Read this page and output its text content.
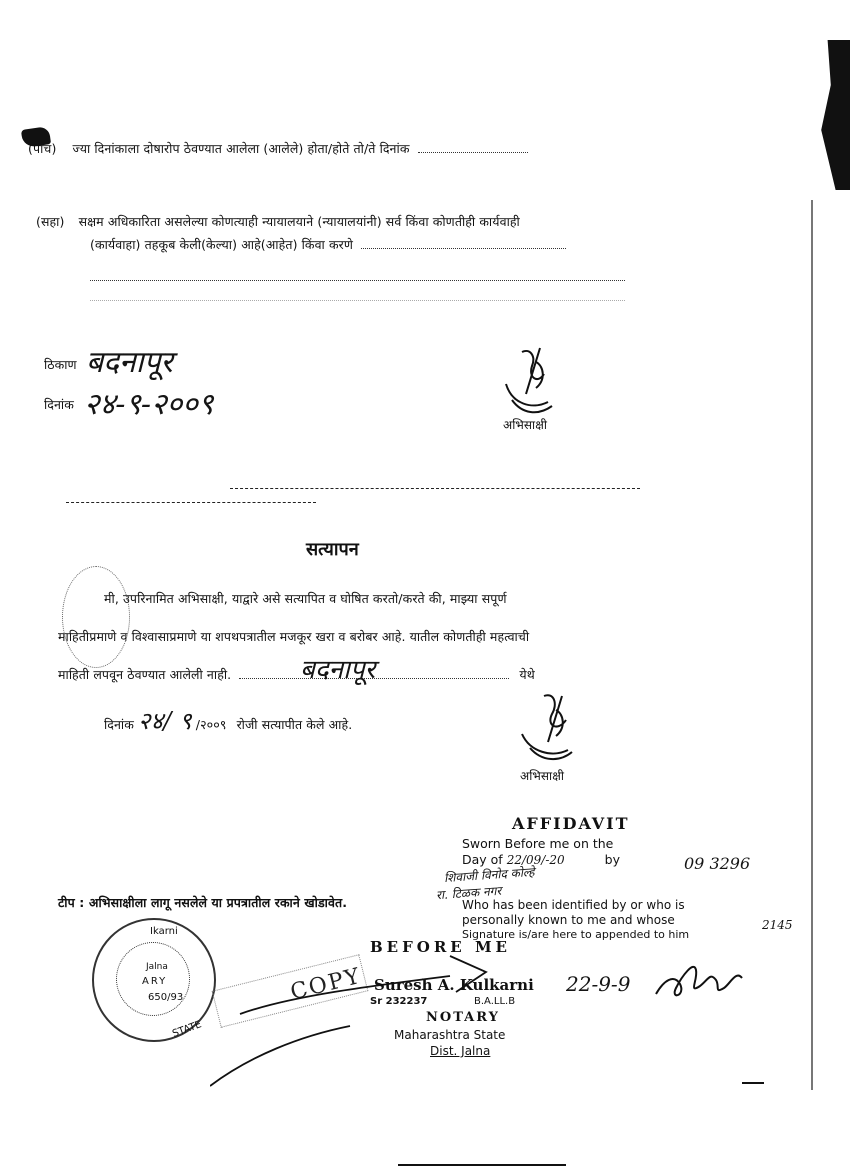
(पाच) ज्या दिनांकाला दोषारोप ठेवण्यात आलेला (आलेले) होता/होते तो/ते दिनांक
(सहा) सक्षम अधिकारिता असलेल्या कोणत्याही न्यायालयाने (न्यायालयांनी) सर्व किंवा कोणतीही कार्यवाही
(कार्यवाहा) तहकूब केली(केल्या) आहे(आहेत) किंवा करणे
ठिकाण बदनापूर
दिनांक २४-९-२००९
अभिसाक्षी
सत्यापन
मी, उपरिनामित अभिसाक्षी, याद्वारे असे सत्यापित व घोषित करतो/करते की, माझ्या सपूर्ण
माहितीप्रमाणे व विश्वासाप्रमाणे या शपथपत्रातील मजकूर खरा व बरोबर आहे. यातील कोणतीही महत्वाची
माहिती लपवून ठेवण्यात आलेली नाही.	येथे
बदनापूर
दिनांक २४/ ९ /२००९ रोजी सत्यापीत केले आहे.
अभिसाक्षी
AFFIDAVIT
Sworn Before me on the
Day of 22/09/-20	by
शिवाजी विनोद कोल्हे
09 3296
रा. टिळक नगर
Who has been identified by or who is
personally known to me and whose
Signature is/are here to appended to him
2145
टीप : अभिसाक्षीला लागू नसलेले या प्रपत्रातील रकाने खोडावेत.
BEFORE ME
Ikarni
Jalna
ARY
650/93
STATE
COPY Suresh A. Kulkarni
Sr 232237	B.A.LL.B
NOTARY
Maharashtra State
Dist. Jalna
22-9-9
